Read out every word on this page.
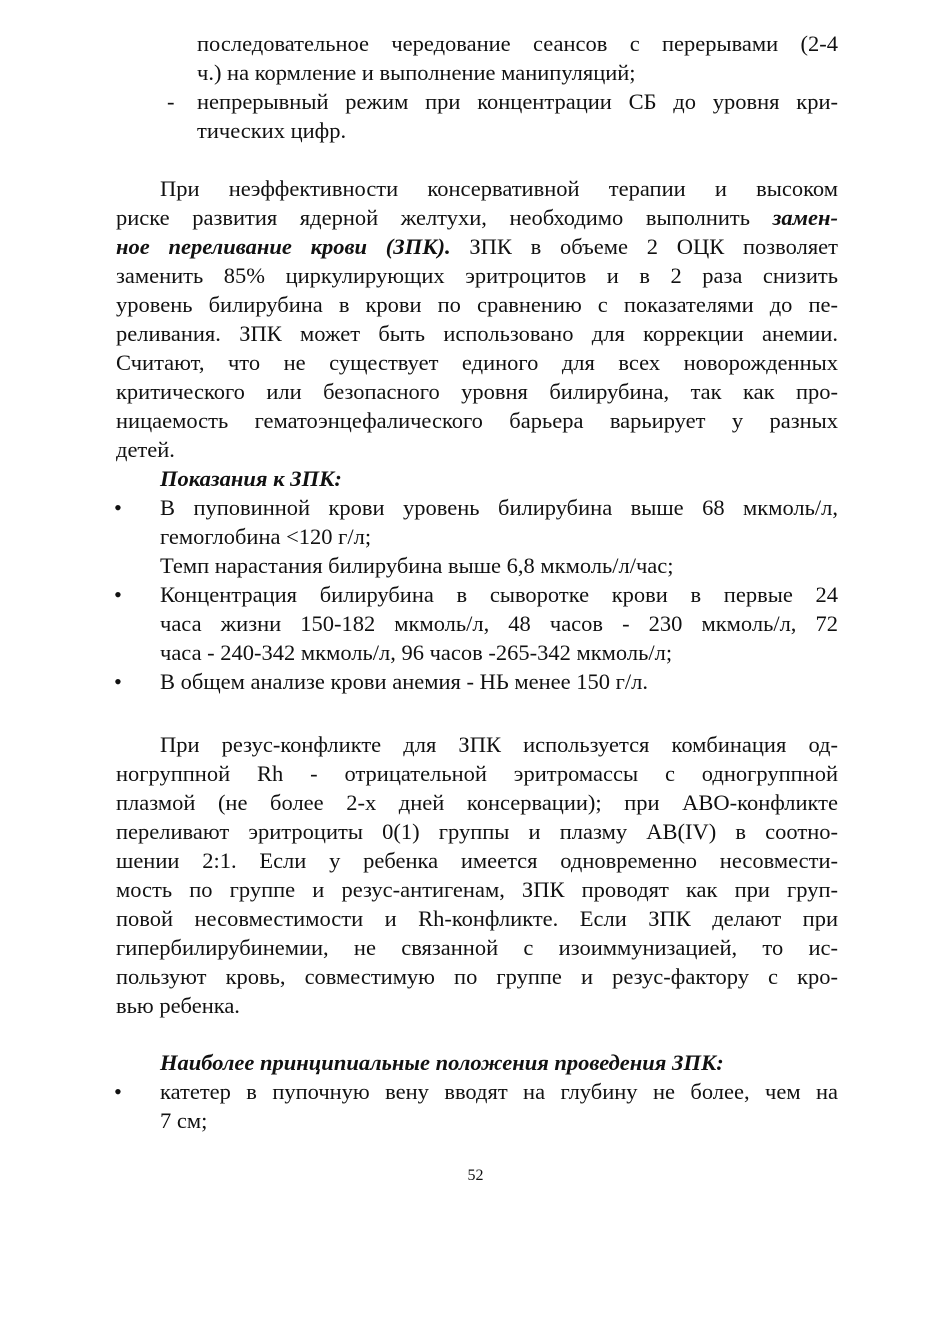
последовательное чередование сеансов с перерывами (2-4
ч.) на кормление и выполнение манипуляций;
- непрерывный режим при концентрации СБ до уровня кри-
тических цифр.
При неэффективности консервативной терапии и высоком
риске развития ядерной желтухи, необходимо выполнить замен-
ное переливание крови (ЗПК). ЗПК в объеме 2 ОЦК позволяет
заменить 85% циркулирующих эритроцитов и в 2 раза снизить
уровень билирубина в крови по сравнению с показателями до пе-
реливания. ЗПК может быть использовано для коррекции анемии.
Считают, что не существует единого для всех новорожденных
критического или безопасного уровня билирубина, так как про-
ницаемость гематоэнцефалического барьера варьирует у разных
детей.
Показания к ЗПК:
• В пуповинной крови уровень билирубина выше 68 мкмоль/л,
гемоглобина <120 г/л;
Темп нарастания билирубина выше 6,8 мкмоль/л/час;
• Концентрация билирубина в сыворотке крови в первые 24
часа жизни 150-182 мкмоль/л, 48 часов - 230 мкмоль/л, 72
часа - 240-342 мкмоль/л, 96 часов -265-342 мкмоль/л;
• В общем анализе крови анемия - НЬ менее 150 г/л.
При резус-конфликте для ЗПК используется комбинация од-
ногруппной Rh - отрицательной эритромассы с одногруппной
плазмой (не более 2-х дней консервации); при АВО-конфликте
переливают эритроциты 0(1) группы и плазму АВ(IV) в соотно-
шении 2:1. Если у ребенка имеется одновременно несовмести-
мость по группе и резус-антигенам, ЗПК проводят как при груп-
повой несовместимости и Rh-конфликте. Если ЗПК делают при
гипербилирубинемии, не связанной с изоиммунизацией, то ис-
пользуют кровь, совместимую по группе и резус-фактору с кро-
вью ребенка.
Наиболее принципиальные положения проведения ЗПК:
• катетер в пупочную вену вводят на глубину не более, чем на
7 см;
52
